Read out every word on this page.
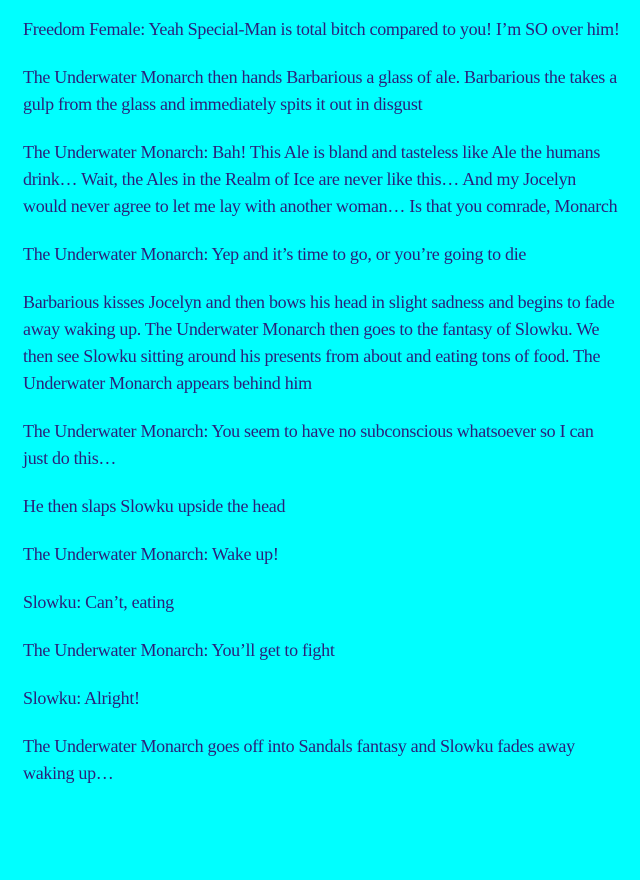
Freedom Female: Yeah Special-Man is total bitch compared to you! I’m SO over him!

The Underwater Monarch then hands Barbarious a glass of ale. Barbarious the takes a gulp from the glass and immediately spits it out in disgust

The Underwater Monarch: Bah! This Ale is bland and tasteless like Ale the humans drink… Wait, the Ales in the Realm of Ice are never like this… And my Jocelyn would never agree to let me lay with another woman… Is that you comrade, Monarch

The Underwater Monarch: Yep and it’s time to go, or you’re going to die

Barbarious kisses Jocelyn and then bows his head in slight sadness and begins to fade away waking up. The Underwater Monarch then goes to the fantasy of Slowku. We then see Slowku sitting around his presents from about and eating tons of food. The Underwater Monarch appears behind him

The Underwater Monarch: You seem to have no subconscious whatsoever so I can just do this…

He then slaps Slowku upside the head

The Underwater Monarch: Wake up!

Slowku: Can’t, eating

The Underwater Monarch: You’ll get to fight

Slowku: Alright!

The Underwater Monarch goes off into Sandals fantasy and Slowku fades away waking up…
